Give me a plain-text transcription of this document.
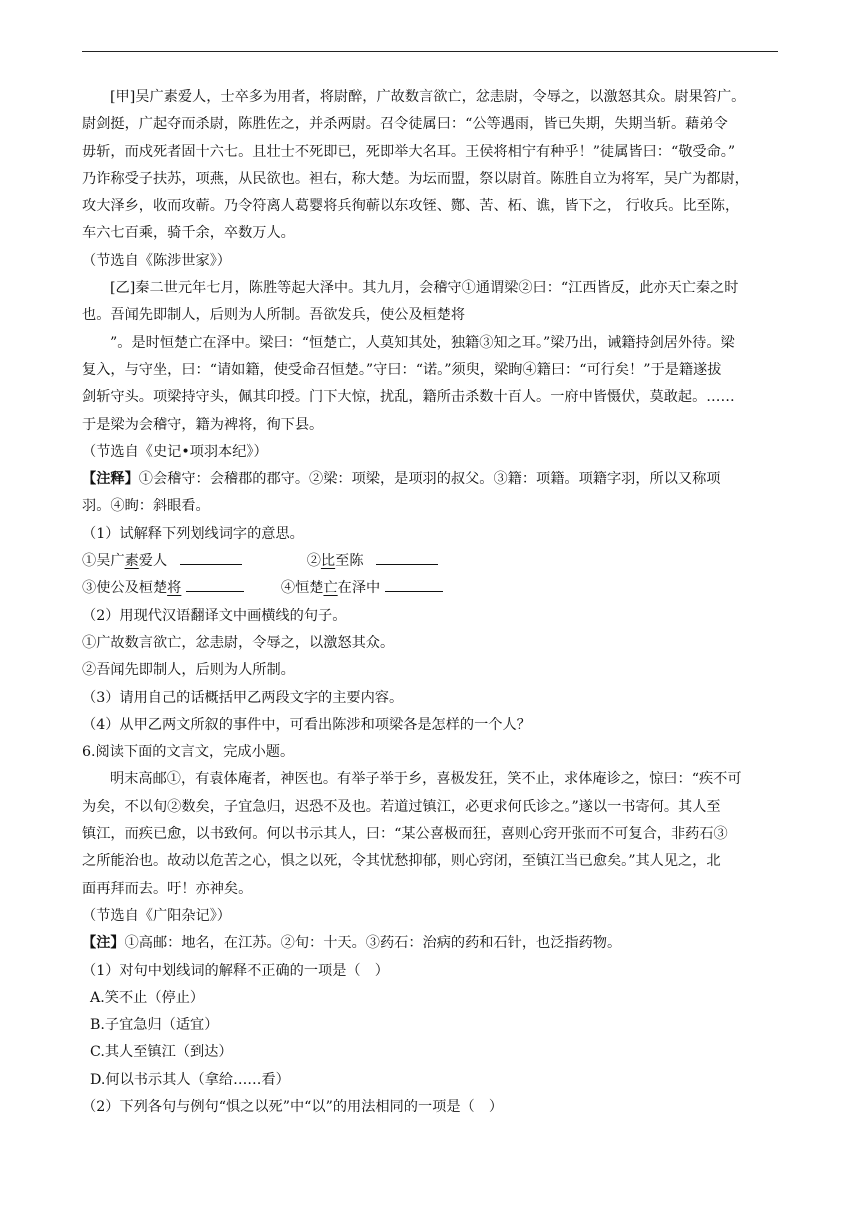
[甲]吴广素爱人，士卒多为用者，将尉醉，广故数言欲亡，忿恚尉，令辱之，以激怒其众。尉果笞广。

尉剑挺，广起夺而杀尉，陈胜佐之，并杀两尉。召令徒属曰：“公等遇雨，皆已失期，失期当斩。藉弟令

毋斩，而戍死者固十六七。且壮士不死即已，死即举大名耳。王侯将相宁有种乎！”徒属皆曰：“敬受命。”

乃诈称受子扶苏，项燕，从民欲也。袒右，称大楚。为坛而盟，祭以尉首。陈胜自立为将军，吴广为都尉，

攻大泽乡，收而攻蕲。乃令符离人葛婴将兵徇蕲以东攻铚、酂、苦、柘、谯，皆下之， 行收兵。比至陈，

车六七百乘，骑千余，卒数万人。

（节选自《陈涉世家》）

[乙]秦二世元年七月，陈胜等起大泽中。其九月，会稽守①通谓梁②曰：“江西皆反，此亦天亡秦之时

也。吾闻先即制人，后则为人所制。吾欲发兵，使公及桓楚将

”。是时恒楚亡在泽中。梁曰：“恒楚亡，人莫知其处，独籍③知之耳。”梁乃出，诫籍持剑居外待。梁

复入，与守坐，曰：“请如籍，使受命召恒楚。”守曰：“诺。”须臾，梁眴④籍曰：“可行矣！”于是籍遂拔

剑斩守头。项梁持守头，佩其印授。门下大惊，扰乱，籍所击杀数十百人。一府中皆慑伏，莫敢起。……

于是梁为会稽守，籍为裨将，徇下县。

（节选自《史记•项羽本纪》）

【注释】①会稽守：会稽郡的郡守。②梁：项梁，是项羽的叔父。③籍：项籍。项籍字羽，所以又称项

羽。④眴：斜眼看。

（1）试解释下列划线词字的意思。

①吴广素爱人	②比至陈

③使公及桓楚将	④恒楚亡在泽中

（2）用现代汉语翻译文中画横线的句子。

①广故数言欲亡，忿恚尉，令辱之，以激怒其众。

②吾闻先即制人，后则为人所制。

（3）请用自己的话概括甲乙两段文字的主要内容。

（4）从甲乙两文所叙的事件中，可看出陈涉和项梁各是怎样的一个人？

6.阅读下面的文言文，完成小题。

明末高邮①，有袁体庵者，神医也。有举子举于乡，喜极发狂，笑不止，求体庵诊之，惊曰：“疾不可

为矣，不以旬②数矣，子宜急归，迟恐不及也。若道过镇江，必更求何氏诊之。”遂以一书寄何。其人至

镇江，而疾已愈，以书致何。何以书示其人，曰：“某公喜极而狂，喜则心窍开张而不可复合，非药石③

之所能治也。故动以危苦之心，惧之以死，令其忧愁抑郁，则心窍闭，至镇江当已愈矣。”其人见之，北

面再拜而去。吁！亦神矣。

（节选自《广阳杂记》）

【注】①高邮：地名，在江苏。②旬：十天。③药石：治病的药和石针，也泛指药物。

（1）对句中划线词的解释不正确的一项是（　）

A.笑不止（停止）

B.子宜急归（适宜）

C.其人至镇江（到达）

D.何以书示其人（拿给……看）

（2）下列各句与例句“惧之以死”中“以”的用法相同的一项是（　）
